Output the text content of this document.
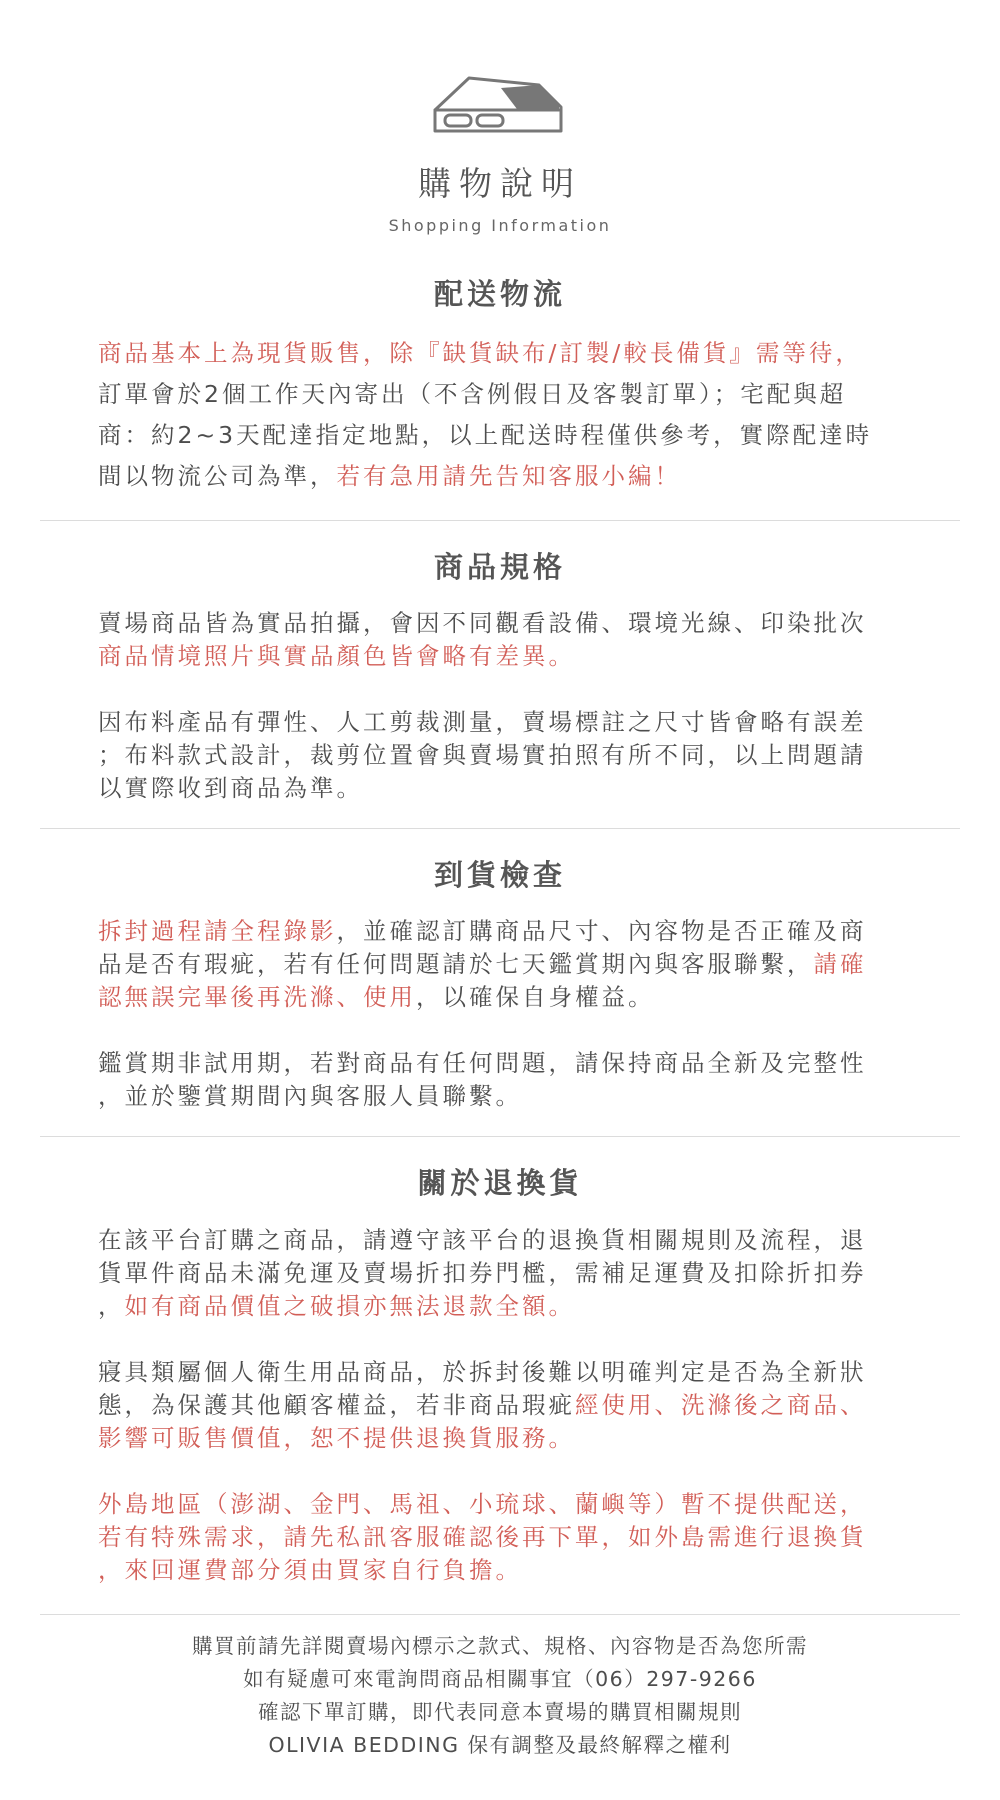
購物說明
Shopping Information
配送物流
商品基本上為現貨販售，除『缺貨缺布/訂製/較長備貨』需等待，
訂單會於2個工作天內寄出（不含例假日及客製訂單）；宅配與超
商：約2~3天配達指定地點，以上配送時程僅供參考，實際配達時
間以物流公司為準，若有急用請先告知客服小編！
商品規格
賣場商品皆為實品拍攝，會因不同觀看設備、環境光線、印染批次
商品情境照片與實品顏色皆會略有差異。
因布料產品有彈性、人工剪裁測量，賣場標註之尺寸皆會略有誤差
；布料款式設計，裁剪位置會與賣場實拍照有所不同，以上問題請
以實際收到商品為準。
到貨檢查
拆封過程請全程錄影，並確認訂購商品尺寸、內容物是否正確及商
品是否有瑕疵，若有任何問題請於七天鑑賞期內與客服聯繫，請確
認無誤完畢後再洗滌、使用，以確保自身權益。
鑑賞期非試用期，若對商品有任何問題，請保持商品全新及完整性
，並於鑒賞期間內與客服人員聯繫。
關於退換貨
在該平台訂購之商品，請遵守該平台的退換貨相關規則及流程，退
貨單件商品未滿免運及賣場折扣券門檻，需補足運費及扣除折扣券
，如有商品價值之破損亦無法退款全額。
寢具類屬個人衛生用品商品，於拆封後難以明確判定是否為全新狀
態，為保護其他顧客權益，若非商品瑕疵經使用、洗滌後之商品、
影響可販售價值，恕不提供退換貨服務。
外島地區（澎湖、金門、馬祖、小琉球、蘭嶼等）暫不提供配送，
若有特殊需求，請先私訊客服確認後再下單，如外島需進行退換貨
，來回運費部分須由買家自行負擔。
購買前請先詳閱賣場內標示之款式、規格、內容物是否為您所需
如有疑慮可來電詢問商品相關事宜（06）297-9266
確認下單訂購，即代表同意本賣場的購買相關規則
OLIVIA BEDDING 保有調整及最終解釋之權利
